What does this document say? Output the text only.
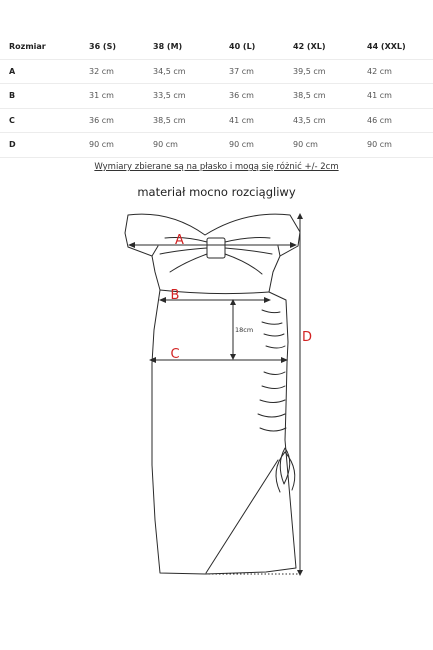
Rozmiar	36 (S)	38 (M)	40 (L)	42 (XL)	44 (XXL)
A	32 cm	34,5 cm	37 cm	39,5 cm	42 cm
B	31 cm	33,5 cm	36 cm	38,5 cm	41 cm
C	36 cm	38,5 cm	41 cm	43,5 cm	46 cm
D	90 cm	90 cm	90 cm	90 cm	90 cm
Wymiary zbierane są na płasko i mogą się różnić +/- 2cm
materiał mocno rozciągliwy
A
B
C
D
18cm
